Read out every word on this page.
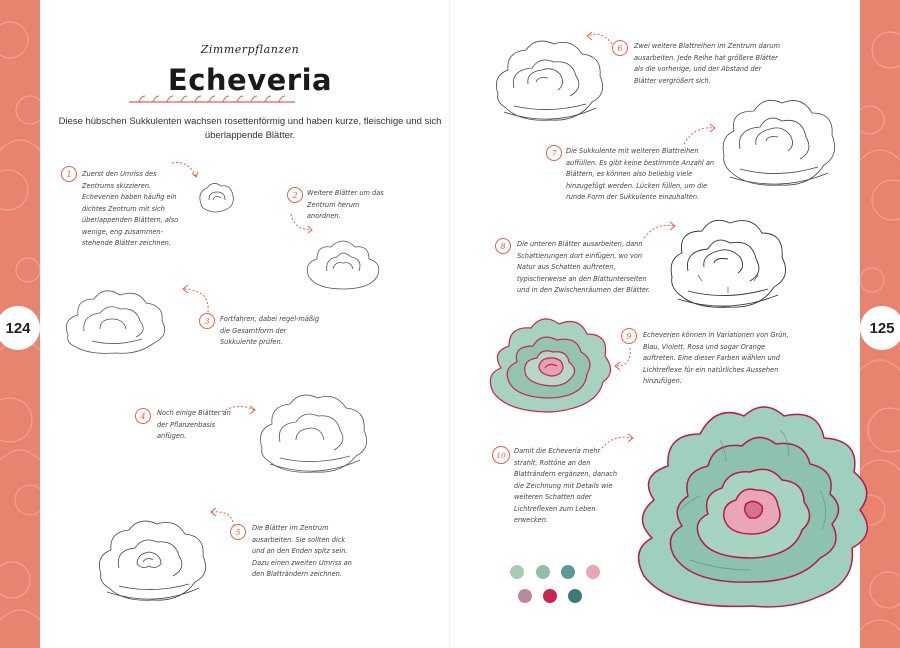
124	125
Zimmerpflanzen
Echeveria
Diese hübschen Sukkulenten wachsen rosettenförmig und haben kurze, fleischige und sich überlappende Blätter.
1	Zuerst den Umriss des Zentrums skizzieren. Echeverien haben häufig ein dichtes Zentrum mit sich überlappenden Blättern, also wenige, eng zusammen-stehende Blätter zeichnen.
2	Weitere Blätter um das Zentrum herum anordnen.
3	Fortfahren, dabei regel-mäßig die Gesamtform der Sukkulente prüfen.
4	Noch einige Blätter an der Pflanzenbasis anfügen.
5	Die Blätter im Zentrum ausarbeiten. Sie sollten dick und an den Enden spitz sein. Dazu einen zweiten Umriss an den Blatträndern zeichnen.
6	Zwei weitere Blattreihen im Zentrum darum ausarbeiten. Jede Reihe hat größere Blätter als die vorherige, und der Abstand der Blätter vergrößert sich.
7	Die Sukkulente mit weiteren Blattreihen auffüllen. Es gibt keine bestimmte Anzahl an Blättern, es können also beliebig viele hinzugefügt werden. Lücken füllen, um die runde Form der Sukkulente einzuhalten.
8	Die unteren Blätter ausarbeiten, dann Schattierungen dort einfügen, wo von Natur aus Schatten auftreten, typischerweise an den Blattunterseiten und in den Zwischenräumen der Blätter.
9	Echeverien können in Variationen von Grün, Blau, Violett, Rosa und sogar Orange auftreten. Eine dieser Farben wählen und Lichtreflexe für ein natürliches Aussehen hinzufügen.
10	Damit die Echeveria mehr strahlt, Rottöne an den Blatträndern ergänzen, danach die Zeichnung mit Details wie weiteren Schatten oder Lichtreflexen zum Leben erwecken.
